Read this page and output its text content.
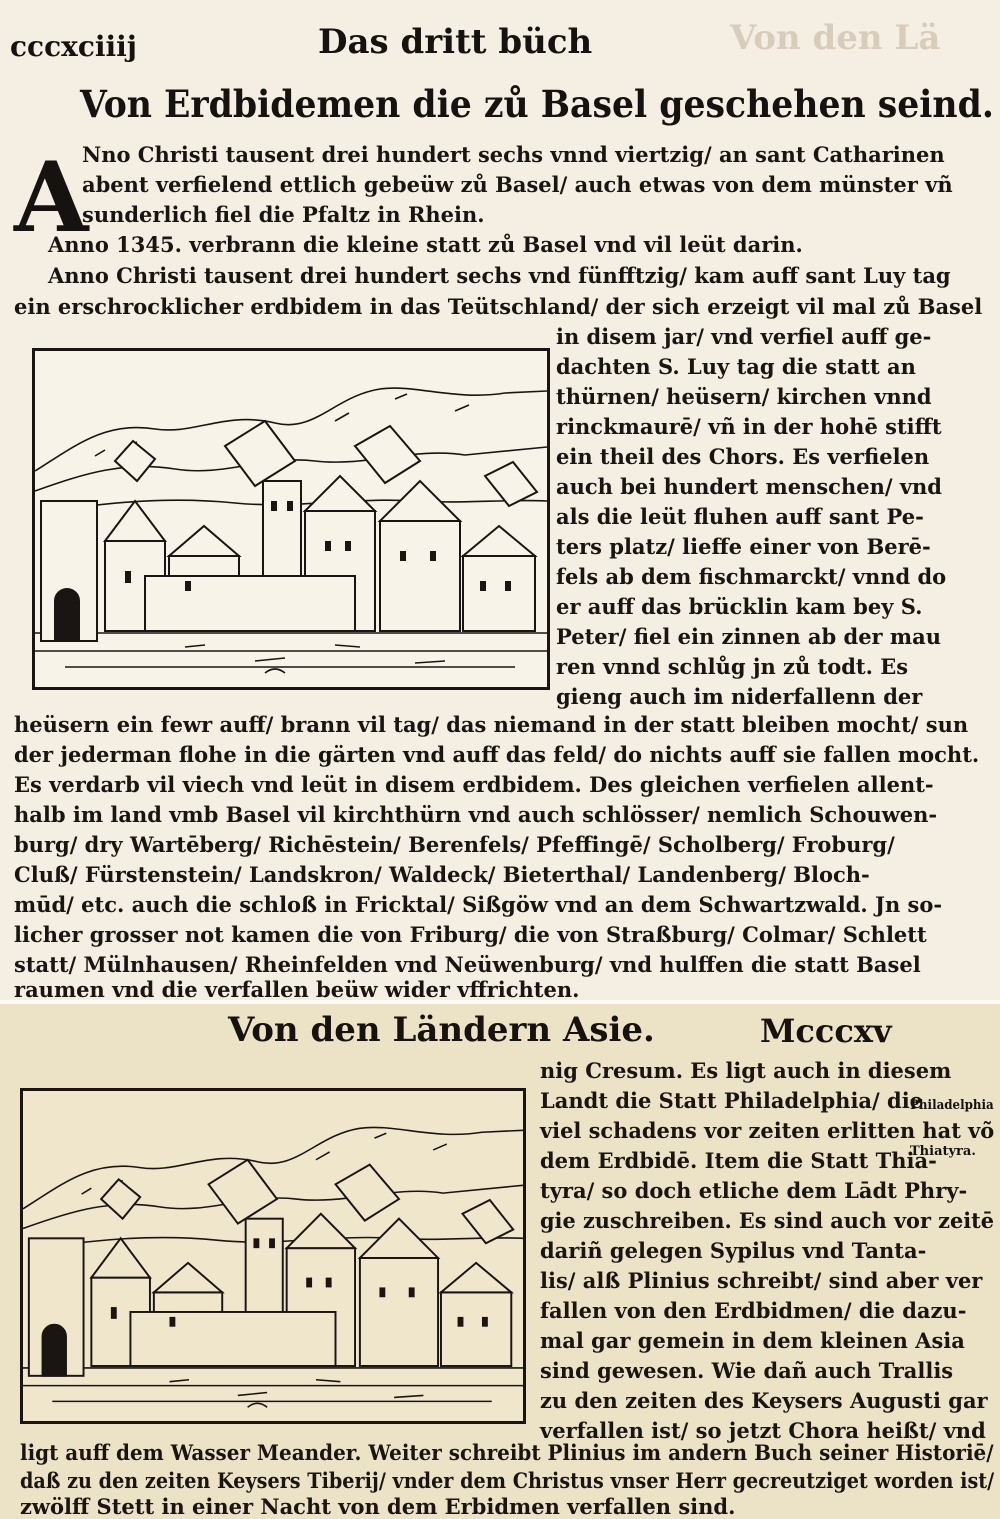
Von den Lä
cccxciiij	Das dritt büch
Von Erdbidemen die zů Basel geschehen seind.
A
Nno Christi tausent drei hundert sechs vnnd viertzig/ an sant Catharinen
abent verfielend ettlich gebeüw zů Basel/ auch etwas von dem münster vñ
sunderlich fiel die Pfaltz in Rhein.
Anno 1345. verbrann die kleine statt zů Basel vnd vil leüt darin.
Anno Christi tausent drei hundert sechs vnd fünfftzig/ kam auff sant Luy tag
ein erschrocklicher erdbidem in das Teütschland/ der sich erzeigt vil mal zů Basel
in disem jar/ vnd verfiel auff ge-
dachten S. Luy tag die statt an
thürnen/ heüsern/ kirchen vnnd
rinckmaurē/ vñ in der hohē stifft
ein theil des Chors. Es verfielen
auch bei hundert menschen/ vnd
als die leüt fluhen auff sant Pe-
ters platz/ lieffe einer von Berē-
fels ab dem fischmarckt/ vnnd do
er auff das brücklin kam bey S.
Peter/ fiel ein zinnen ab der mau
ren vnnd schlůg jn zů todt. Es
gieng auch im niderfallenn der
heüsern ein fewr auff/ brann vil tag/ das niemand in der statt bleiben mocht/ sun
der jederman flohe in die gärten vnd auff das feld/ do nichts auff sie fallen mocht.
Es verdarb vil viech vnd leüt in disem erdbidem. Des gleichen verfielen allent-
halb im land vmb Basel vil kirchthürn vnd auch schlösser/ nemlich Schouwen-
burg/ dry Wartēberg/ Richēstein/ Berenfels/ Pfeffingē/ Scholberg/ Froburg/
Cluß/ Fürstenstein/ Landskron/ Waldeck/ Bieterthal/ Landenberg/ Bloch-
mūd/ etc. auch die schloß in Fricktal/ Sißgöw vnd an dem Schwartzwald. Jn so-
licher grosser not kamen die von Friburg/ die von Straßburg/ Colmar/ Schlett
statt/ Mülnhausen/ Rheinfelden vnd Neüwenburg/ vnd hulffen die statt Basel
raumen vnd die verfallen beüw wider vffrichten.
Von den Ländern Asie.	Mcccxv
nig Cresum. Es ligt auch in diesem
Landt die Statt Philadelphia/ die
viel schadens vor zeiten erlitten hat võ
dem Erdbidē. Item die Statt Thia-
tyra/ so doch etliche dem Lādt Phry-
gie zuschreiben. Es sind auch vor zeitē
dariñ gelegen Sypilus vnd Tanta-
lis/ alß Plinius schreibt/ sind aber ver
fallen von den Erdbidmen/ die dazu-
mal gar gemein in dem kleinen Asia
sind gewesen. Wie dañ auch Trallis
zu den zeiten des Keysers Augusti gar
verfallen ist/ so jetzt Chora heißt/ vnd
ligt auff dem Wasser Meander. Weiter schreibt Plinius im andern Buch seiner Historiē/
daß zu den zeiten Keysers Tiberij/ vnder dem Christus vnser Herr gecreutziget worden ist/
zwölff Stett in einer Nacht von dem Erbidmen verfallen sind.
Philadelphia
Thiatyra.
